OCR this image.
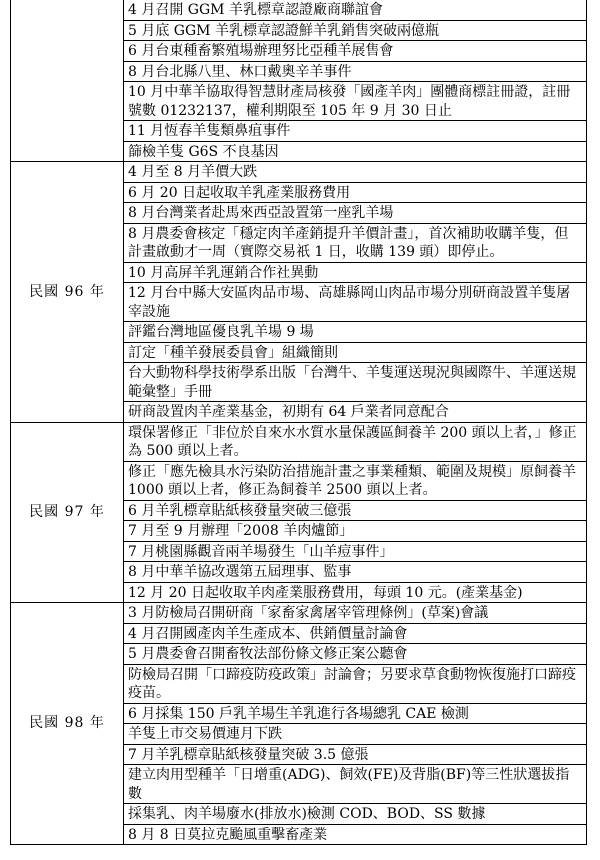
	4 月召開 GGM 羊乳標章認證廠商聯誼會
	5 月底 GGM 羊乳標章認證鮮羊乳銷售突破兩億瓶
	6 月台東種畜繁殖場辦理努比亞種羊展售會
	8 月台北縣八里、林口戴奧辛羊事件
	10 月中華羊協取得智慧財產局核發「國產羊肉」團體商標註冊證，註冊號數 01232137，權利期限至 105 年 9 月 30 日止
	11 月恆春羊隻類鼻疽事件
	篩檢羊隻 G6S 不良基因
民國 96 年	4 月至 8 月羊價大跌
	6 月 20 日起收取羊乳產業服務費用
	8 月台灣業者赴馬來西亞設置第一座乳羊場
	8 月農委會核定「穩定肉羊產銷提升羊價計畫」，首次補助收購羊隻，但計畫啟動才一周（實際交易祇 1 日，收購 139 頭）即停止。
	10 月高屏羊乳運銷合作社異動
	12 月台中縣大安區肉品市場、高雄縣岡山肉品市場分別研商設置羊隻屠宰設施
	評鑑台灣地區優良乳羊場 9 場
	訂定「種羊發展委員會」組織簡則
	台大動物科學技術學系出版「台灣牛、羊隻運送現況與國際牛、羊運送規範彙整」手冊
	研商設置肉羊產業基金，初期有 64 戶業者同意配合
民國 97 年	環保署修正「非位於自來水水質水量保護區飼養羊 200 頭以上者，」修正為 500 頭以上者。
	修正「應先檢具水污染防治措施計畫之事業種類、範圍及規模」原飼養羊 1000 頭以上者，修正為飼養羊 2500 頭以上者。
	6 月羊乳標章貼紙核發量突破三億張
	7 月至 9 月辦理「2008 羊肉爐節」
	7 月桃園縣觀音兩羊場發生「山羊痘事件」
	8 月中華羊協改選第五屆理事、監事
	12 月 20 日起收取羊肉產業服務費用，每頭 10 元。(產業基金)
民國 98 年	3 月防檢局召開研商「家畜家禽屠宰管理條例」(草案)會議
	4 月召開國產肉羊生產成本、供銷價量討論會
	5 月農委會召開畜牧法部份條文修正案公聽會
	防檢局召開「口蹄疫防疫政策」討論會；另要求草食動物恢復施打口蹄疫疫苗。
	6 月採集 150 戶乳羊場生羊乳進行各場總乳 CAE 檢測
	羊隻上市交易價連月下跌
	7 月羊乳標章貼紙核發量突破 3.5 億張
	建立肉用型種羊「日增重(ADG)、飼效(FE)及背脂(BF)等三性狀選拔指數
	採集乳、肉羊場廢水(排放水)檢測 COD、BOD、SS 數據
	8 月 8 日莫拉克颱風重擊畜產業
